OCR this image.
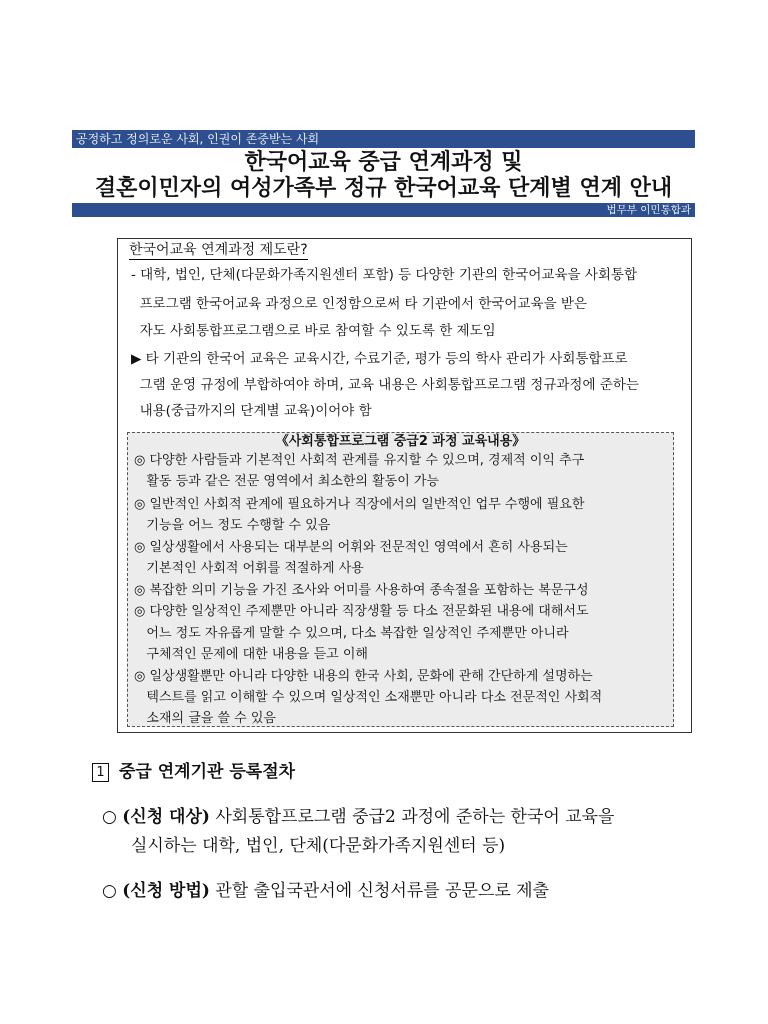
공정하고 정의로운 사회, 인권이 존중받는 사회
한국어교육 중급 연계과정 및
결혼이민자의 여성가족부 정규 한국어교육 단계별 연계 안내
법무부 이민통합과
한국어교육 연계과정 제도란?
- 대학, 법인, 단체(다문화가족지원센터 포함) 등 다양한 기관의 한국어교육을 사회통합
프로그램 한국어교육 과정으로 인정함으로써 타 기관에서 한국어교육을 받은
자도 사회통합프로그램으로 바로 참여할 수 있도록 한 제도임
▶ 타 기관의 한국어 교육은 교육시간, 수료기준, 평가 등의 학사 관리가 사회통합프로
그램 운영 규정에 부합하여야 하며, 교육 내용은 사회통합프로그램 정규과정에 준하는
내용(중급까지의 단계별 교육)이어야 함
《사회통합프로그램 중급2 과정 교육내용》
◎ 다양한 사람들과 기본적인 사회적 관계를 유지할 수 있으며, 경제적 이익 추구
활동 등과 같은 전문 영역에서 최소한의 활동이 가능
◎ 일반적인 사회적 관계에 필요하거나 직장에서의 일반적인 업무 수행에 필요한
기능을 어느 정도 수행할 수 있음
◎ 일상생활에서 사용되는 대부분의 어휘와 전문적인 영역에서 흔히 사용되는
기본적인 사회적 어휘를 적절하게 사용
◎ 복잡한 의미 기능을 가진 조사와 어미를 사용하여 종속절을 포함하는 복문구성
◎ 다양한 일상적인 주제뿐만 아니라 직장생활 등 다소 전문화된 내용에 대해서도
어느 정도 자유롭게 말할 수 있으며, 다소 복잡한 일상적인 주제뿐만 아니라
구체적인 문제에 대한 내용을 듣고 이해
◎ 일상생활뿐만 아니라 다양한 내용의 한국 사회, 문화에 관해 간단하게 설명하는
텍스트를 읽고 이해할 수 있으며 일상적인 소재뿐만 아니라 다소 전문적인 사회적
소재의 글을 쓸 수 있음
1 중급 연계기관 등록절차
○ (신청 대상) 사회통합프로그램 중급2 과정에 준하는 한국어 교육을
실시하는 대학, 법인, 단체(다문화가족지원센터 등)
○ (신청 방법) 관할 출입국관서에 신청서류를 공문으로 제출
